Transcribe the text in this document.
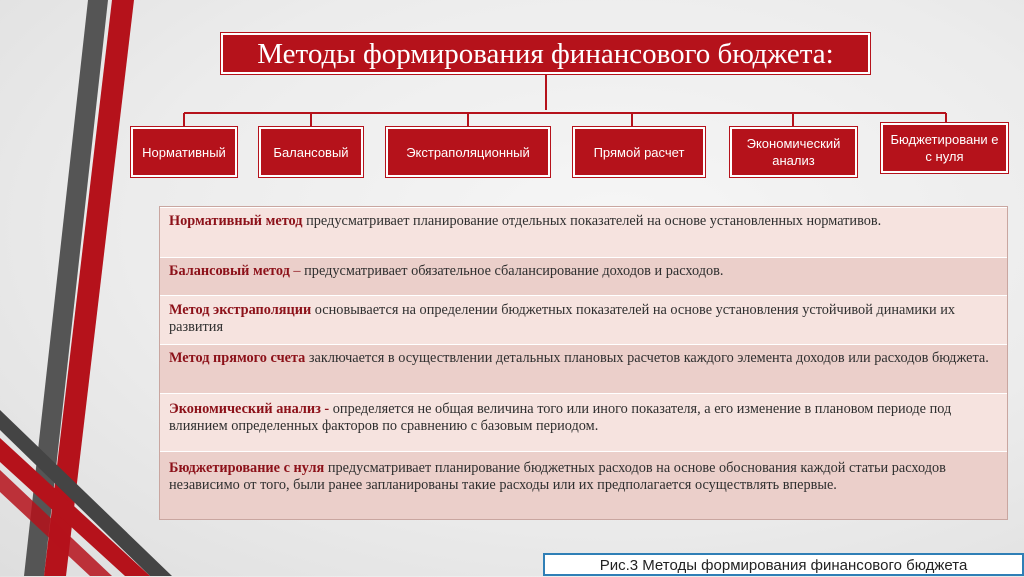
Методы формирования финансового бюджета:
Нормативный	Балансовый	Экстраполяционный	Прямой расчет
Экономический анализ
Бюджетировани е с нуля
Нормативный метод предусматривает планирование отдельных показателей на основе установленных нормативов.
Балансовый метод – предусматривает обязательное сбалансирование доходов и расходов.
Метод экстраполяции основывается на определении бюджетных показателей на основе установления устойчивой динамики их развития
Метод прямого счета заключается в осуществлении детальных плановых расчетов каждого элемента доходов или расходов бюджета.
Экономический анализ - определяется не общая величина того или иного показателя, а его изменение в плановом периоде под влиянием определенных факторов по сравнению с базовым периодом.
Бюджетирование с нуля предусматривает планирование бюджетных расходов на основе обоснования каждой статьи расходов независимо от того, были ранее запланированы такие расходы или их предполагается осуществлять впервые.
Рис.3 Методы формирования финансового бюджета
